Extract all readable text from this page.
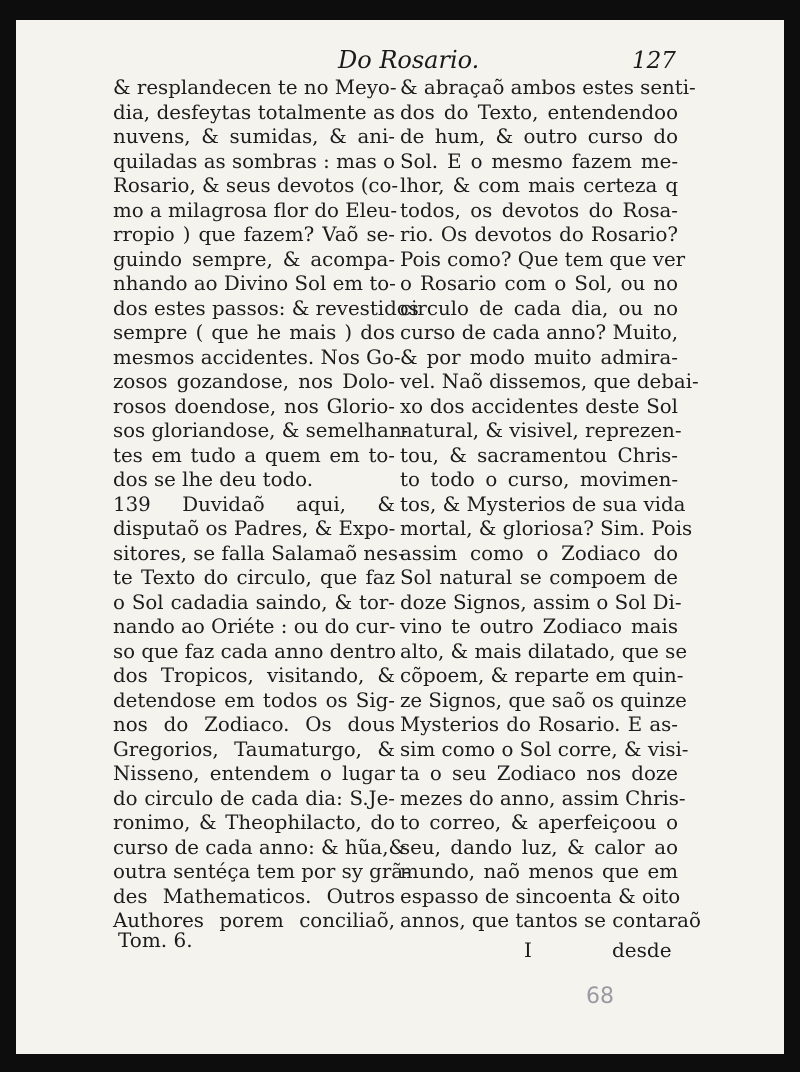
Do Rosario.	127
& resplandecen te no Meyo-
dia, desfeytas totalmente as
nuvens, & sumidas, & ani-
quiladas as sombras : mas o
Rosario, & seus devotos (co-
mo a milagrosa flor do Eleu-
rropio ) que fazem? Vaõ se-
guindo sempre, & acompa-
nhando ao Divino Sol em to-
dos estes passos: & revestidos
sempre ( que he mais ) dos
mesmos accidentes. Nos Go-
zosos gozandose, nos Dolo-
rosos doendose, nos Glorio-
sos gloriandose, & semelhan-
tes em tudo a quem em to-
dos se lhe deu todo.
139 Duvidaõ aqui, &
disputaõ os Padres, & Expo-
sitores, se falla Salamaõ nes-
te Texto do circulo, que faz
o Sol cadadia saindo, & tor-
nando ao Oriéte : ou do cur-
so que faz cada anno dentro
dos Tropicos, visitando, &
detendose em todos os Sig-
nos do Zodiaco. Os dous
Gregorios, Taumaturgo, &
Nisseno, entendem o lugar
do circulo de cada dia: S.Je-
ronimo, & Theophilacto, do
curso de cada anno: & hũa,&
outra sentéça tem por sy grã-
des Mathematicos. Outros
Authores porem conciliaõ,
& abraçaõ ambos estes senti-
dos do Texto, entendendoo
de hum, & outro curso do
Sol. E o mesmo fazem me-
lhor, & com mais certeza q
todos, os devotos do Rosa-
rio. Os devotos do Rosario?
Pois como? Que tem que ver
o Rosario com o Sol, ou no
circulo de cada dia, ou no
curso de cada anno? Muito,
& por modo muito admira-
vel. Naõ dissemos, que debai-
xo dos accidentes deste Sol
natural, & visivel, reprezen-
tou, & sacramentou Chris-
to todo o curso, movimen-
tos, & Mysterios de sua vida
mortal, & gloriosa? Sim. Pois
assim como o Zodiaco do
Sol natural se compoem de
doze Signos, assim o Sol Di-
vino te outro Zodiaco mais
alto, & mais dilatado, que se
cõpoem, & reparte em quin-
ze Signos, que saõ os quinze
Mysterios do Rosario. E as-
sim como o Sol corre, & visi-
ta o seu Zodiaco nos doze
mezes do anno, assim Chris-
to correo, & aperfeiçoou o
seu, dando luz, & calor ao
mundo, naõ menos que em
espasso de sincoenta & oito
annos, que tantos se contaraõ
Tom. 6.	I	desde
68
